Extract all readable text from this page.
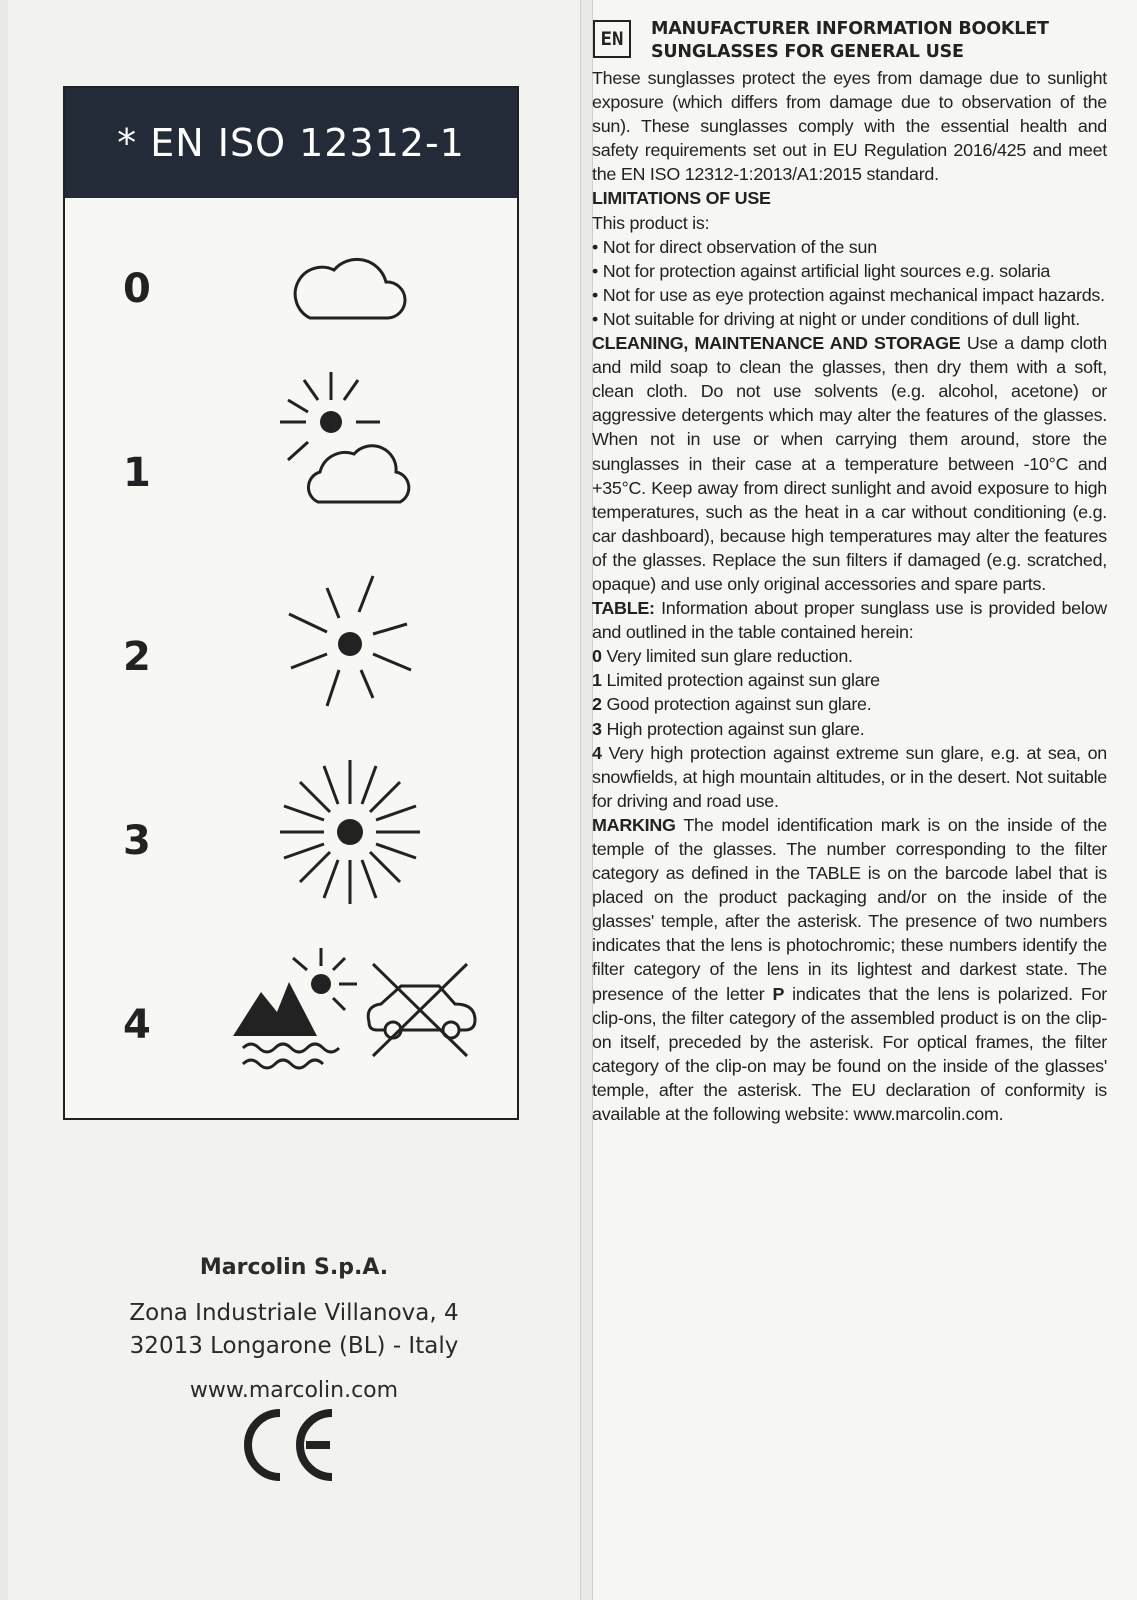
* EN ISO 12312-1
0
1
2
3
4
Marcolin S.p.A.
Zona Industriale Villanova, 4
32013 Longarone (BL) - Italy
www.marcolin.com
EN	MANUFACTURER INFORMATION BOOKLET
SUNGLASSES FOR GENERAL USE

These sunglasses protect the eyes from damage due to sunlight exposure (which differs from damage due to observation of the sun). These sunglasses comply with the essential health and safety requirements set out in EU Regulation 2016/425 and meet the EN ISO 12312-1:2013/A1:2015 standard.

LIMITATIONS OF USE

This product is:

• Not for direct observation of the sun

• Not for protection against artificial light sources e.g. solaria

• Not for use as eye protection against mechanical impact hazards.

• Not suitable for driving at night or under conditions of dull light.

CLEANING, MAINTENANCE AND STORAGE Use a damp cloth and mild soap to clean the glasses, then dry them with a soft, clean cloth. Do not use solvents (e.g. alcohol, acetone) or aggressive detergents which may alter the features of the glasses. When not in use or when carrying them around, store the sunglasses in their case at a temperature between -10°C and +35°C. Keep away from direct sunlight and avoid exposure to high temperatures, such as the heat in a car without conditioning (e.g. car dashboard), because high temperatures may alter the features of the glasses. Replace the sun filters if damaged (e.g. scratched, opaque) and use only original accessories and spare parts.

TABLE: Information about proper sunglass use is provided below and outlined in the table contained herein:

0 Very limited sun glare reduction.

1 Limited protection against sun glare

2 Good protection against sun glare.

3 High protection against sun glare.

4 Very high protection against extreme sun glare, e.g. at sea, on snowfields, at high mountain altitudes, or in the desert. Not suitable for driving and road use.

MARKING The model identification mark is on the inside of the temple of the glasses. The number corresponding to the filter category as defined in the TABLE is on the barcode label that is placed on the product packaging and/or on the inside of the glasses' temple, after the asterisk. The presence of two numbers indicates that the lens is photochromic; these numbers identify the filter category of the lens in its lightest and darkest state. The presence of the letter P indicates that the lens is polarized. For clip-ons, the filter category of the assembled product is on the clip-on itself, preceded by the asterisk. For optical frames, the filter category of the clip-on may be found on the inside of the glasses' temple, after the asterisk. The EU declaration of conformity is available at the following website: www.marcolin.com.
